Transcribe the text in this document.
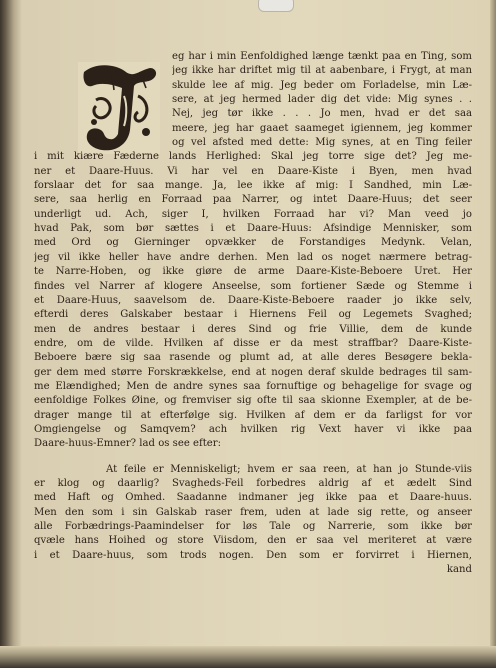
eg har i min Eenfoldighed længe tænkt paa en Ting, som
jeg ikke har driftet mig til at aabenbare, i Frygt, at man
skulde lee af mig. Jeg beder om Forladelse, min Læ-
sere, at jeg hermed lader dig det vide: Mig synes . .
Nej, jeg tør ikke . . . Jo men, hvad er det saa
meere, jeg har gaaet saameget igiennem, jeg kommer
og vel afsted med dette: Mig synes, at en Ting feiler
i mit kiære Fæderne lands Herlighed: Skal jeg torre sige det? Jeg me-
ner et Daare-Huus. Vi har vel en Daare-Kiste i Byen, men hvad
forslaar det for saa mange. Ja, lee ikke af mig: I Sandhed, min Læ-
sere, saa herlig en Forraad paa Narrer, og intet Daare-Huus; det seer
underligt ud. Ach, siger I, hvilken Forraad har vi? Man veed jo
hvad Pak, som bør sættes i et Daare-Huus: Afsindige Mennisker, som
med Ord og Gierninger opvækker de Forstandiges Medynk. Velan,
jeg vil ikke heller have andre derhen. Men lad os noget nærmere betrag-
te Narre-Hoben, og ikke giøre de arme Daare-Kiste-Beboere Uret. Her
findes vel Narrer af klogere Anseelse, som fortiener Sæde og Stemme i
et Daare-Huus, saavelsom de. Daare-Kiste-Beboere raader jo ikke selv,
efterdi deres Galskaber bestaar i Hiernens Feil og Legemets Svaghed;
men de andres bestaar i deres Sind og frie Villie, dem de kunde
endre, om de vilde. Hvilken af disse er da mest straffbar? Daare-Kiste-
Beboere bære sig saa rasende og plumt ad, at alle deres Besøgere bekla-
ger dem med større Forskrækkelse, end at nogen deraf skulde bedrages til sam-
me Elændighed; Men de andre synes saa fornuftige og behagelige for svage og
eenfoldige Folkes Øine, og fremviser sig ofte til saa skionne Exempler, at de be-
drager mange til at efterfølge sig. Hvilken af dem er da farligst for vor
Omgiengelse og Samqvem? ach hvilken rig Vext haver vi ikke paa
Daare-huus-Emner? lad os see efter:
At feile er Menniskeligt; hvem er saa reen, at han jo Stunde-viis
er klog og daarlig? Svagheds-Feil forbedres aldrig af et ædelt Sind
med Haft og Omhed. Saadanne indmaner jeg ikke paa et Daare-huus.
Men den som i sin Galskab raser frem, uden at lade sig rette, og anseer
alle Forbædrings-Paamindelser for løs Tale og Narrerie, som ikke bør
qvæle hans Hoihed og store Viisdom, den er saa vel meriteret at være
i et Daare-huus, som trods nogen. Den som er forvirret i Hiernen,
kand
